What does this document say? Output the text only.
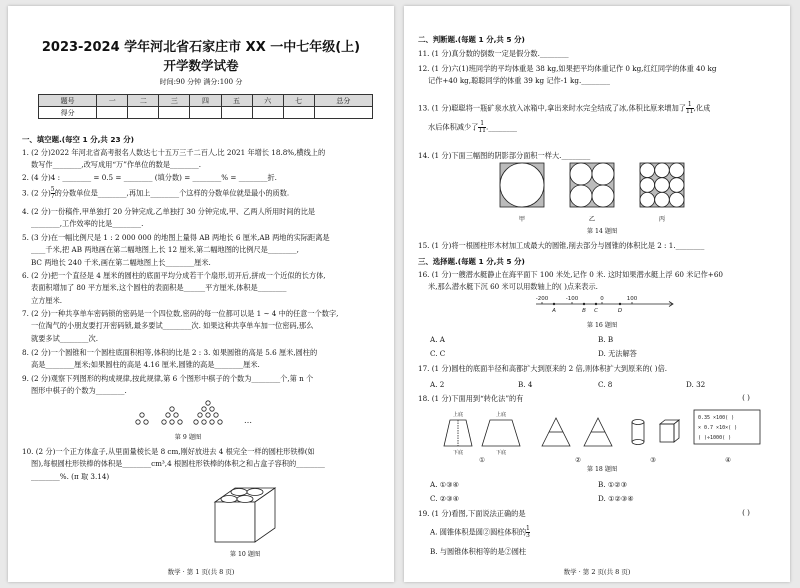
2023-2024 学年河北省石家庄市 XX 一中七年级(上)
开学数学试卷
时间:90 分钟 满分:100 分
题号	一	二	三	四	五	六	七	总分
得分								
一、填空题.(每空 1 分,共 23 分)
1. (2 分)2022 年河北省高考报名人数达七十五万三千二百人,比 2021 年增长 18.8%,横线上的
数写作________,改写成用“万”作单位的数是________.
2. (4 分)4 : ________ = 0.5 = ________ (填分数) = ________% = ________折.
3. (2 分) $\frac{5}{7}$ 的分数单位是________,再加上________个这样的分数单位就是最小的质数.
4. (2 分)一份稿件,甲单独打 20 分钟完成,乙单独打 30 分钟完成,甲、乙两人所用时间的比是
________,工作效率的比是________.
5. (3 分)在一幅比例尺是 1 : 2 000 000 的地图上量得 AB 两地长 6 厘米,AB 两地的实际距离是
____千米,把 AB 两地画在第二幅地图上,长 12 厘米,第二幅地图的比例尺是________,
BC 两地长 240 千米,画在第二幅地图上长________厘米.
6. (2 分)把一个直径是 4 厘米的圆柱的底面平均分成若干个扇形,切开后,拼成一个近似的长方体,
表面积增加了 80 平方厘米,这个圆柱的表面积是______平方厘米,体积是________
立方厘米.
7. (2 分)一种共享单车密码锁的密码是一个四位数,密码的每一位都可以是 1 ~ 4 中的任意一个数字,
一位淘气的小朋友要打开密码锁,最多要试________次. 如果这种共享单车加一位密码,那么
就要多试________次.
8. (2 分)一个圆锥和一个圆柱底面积相等,体积的比是 2 : 3. 如果圆锥的高是 5.6 厘米,圆柱的
高是________厘米;如果圆柱的高是 4.16 厘米,圆锥的高是________厘米.
9. (2 分)观察下列图形的构成规律,按此规律,第 6 个图形中棋子的个数为________个,第 n 个
图形中棋子的个数为________.
…
第 9 题图
10. (2 分)一个正方体盒子,从里面量棱长是 8 cm,刚好放进去 4 根完全一样的圆柱形铁棒(如
图),每根圆柱形铁棒的体积是________cm³,4 根圆柱形铁棒的体积之和占盒子容积的________
________%. (π 取 3.14)
第 10 题图
数学 · 第 1 页(共 8 页)
二、判断题.(每题 1 分,共 5 分)
11. (1 分)真分数的倒数一定是假分数.________
12. (1 分)六(1)班同学的平均体重是 38 kg,如果把平均体重记作 0 kg,红红同学的体重 40 kg
记作+40 kg,聪聪同学的体重 39 kg 记作-1 kg.________
13. (1 分)聪聪将一瓶矿泉水放入冰箱中,拿出来时水完全结成了冰,体积比原来增加了 $\frac{1}{11}$ ,化成
水后体积减少了 $\frac{1}{11}$ .________
14. (1 分)下面三幅图的阴影部分面积一样大.________
甲	乙	丙
第 14 题图
15. (1 分)将一根圆柱形木材加工成最大的圆锥,削去部分与圆锥的体积比是 2 : 1.________
三、选择题.(每题 1 分,共 5 分)
16. (1 分)一艘潜水艇静止在海平面下 100 米处,记作 0 米. 这时如果潜水艇上浮 60 米记作+60
米,那么潜水艇下沉 60 米可以用数轴上的( )点来表示.
-200	-100	0	100
A	B C	D
第 16 题图
A. A	B. B
C. C	D. 无法解答
17. (1 分)圆柱的底面半径和高都扩大到原来的 2 倍,则体积扩大到原来的( )倍.
A. 2	B. 4	C. 8	D. 32
18. (1 分)下面用到“转化法”的有	( )
上底	上底
下底	下底
0.35 ×100( )
× 0.7 ×10×( )
( )÷1000( )
①	②	③	④
第 18 题图
A. ①③④	B. ①②③
C. ②③④	D. ①②③④
19. (1 分)看图,下面说法正确的是	( )
A. 圆锥体积是圆②圆柱体积的 $\frac{1}{3}$
B. 与圆锥体积相等的是②圆柱
数学 · 第 2 页(共 8 页)
